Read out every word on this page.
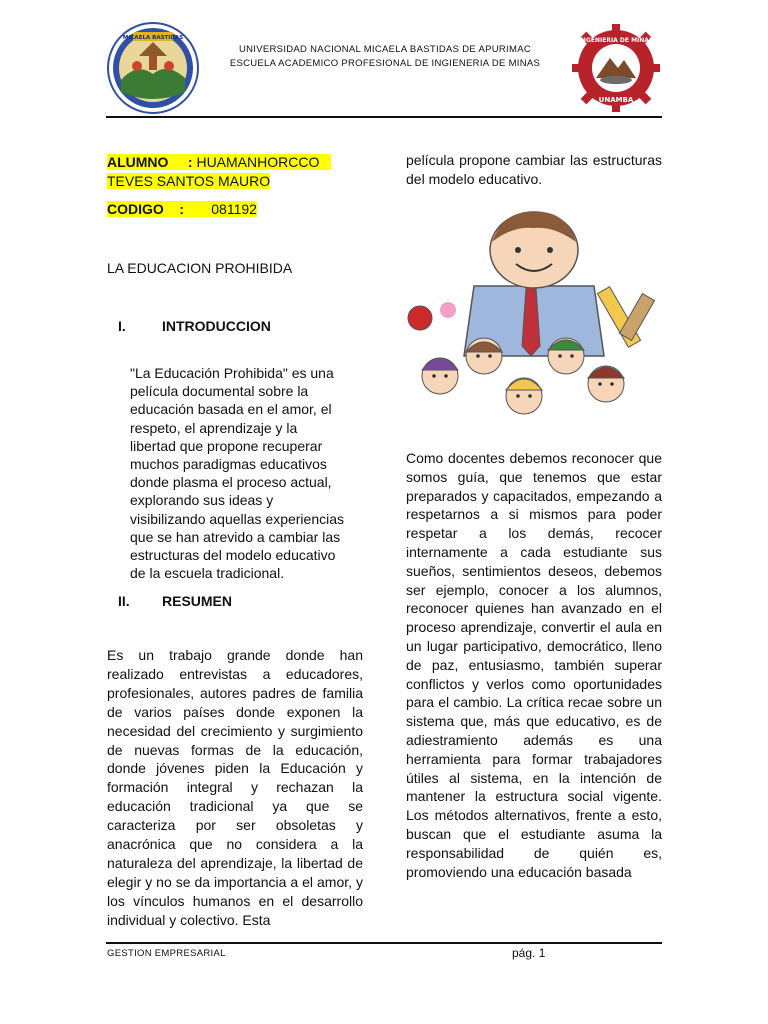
MICAELA BASTIDAS
UNIVERSIDAD NACIONAL MICAELA BASTIDAS DE APURIMAC
ESCUELA ACADEMICO PROFESIONAL DE INGIENERIA DE MINAS
INGENIERIA DE MINAS
UNAMBA
ALUMNO : HUAMANHORCCO
TEVES SANTOS MAURO
CODIGO : 081192
LA EDUCACION PROHIBIDA
I.	INTRODUCCION
"La Educación Prohibida" es una
película documental sobre la
educación basada en el amor, el
respeto, el aprendizaje y la
libertad que propone recuperar
muchos paradigmas educativos
donde plasma el proceso actual,
explorando sus ideas y
visibilizando aquellas experiencias
que se han atrevido a cambiar las
estructuras del modelo educativo
de la escuela tradicional.
II. RESUMEN
Es un trabajo grande donde han realizado entrevistas a educadores, profesionales, autores padres de familia de varios países donde exponen la necesidad del crecimiento y surgimiento de nuevas formas de la educación, donde jóvenes piden la Educación y formación integral y rechazan la educación tradicional ya que se caracteriza por ser obsoletas y anacrónica que no considera a la naturaleza del aprendizaje, la libertad de elegir y no se da importancia a el amor, y los vínculos humanos en el desarrollo individual y colectivo. Esta
película propone cambiar las estructuras del modelo educativo.
Como docentes debemos reconocer que somos guía, que tenemos que estar preparados y capacitados, empezando a respetarnos a si mismos para poder respetar a los demás, recocer internamente a cada estudiante sus sueños, sentimientos deseos, debemos ser ejemplo, conocer a los alumnos, reconocer quienes han avanzado en el proceso aprendizaje, convertir el aula en un lugar participativo, democrático, lleno de paz, entusiasmo, también superar conflictos y verlos como oportunidades para el cambio. La crítica recae sobre un sistema que, más que educativo, es de adiestramiento además es una herramienta para formar trabajadores útiles al sistema, en la intención de mantener la estructura social vigente. Los métodos alternativos, frente a esto, buscan que el estudiante asuma la responsabilidad de quién es, promoviendo una educación basada
GESTION EMPRESARIAL	pág. 1
